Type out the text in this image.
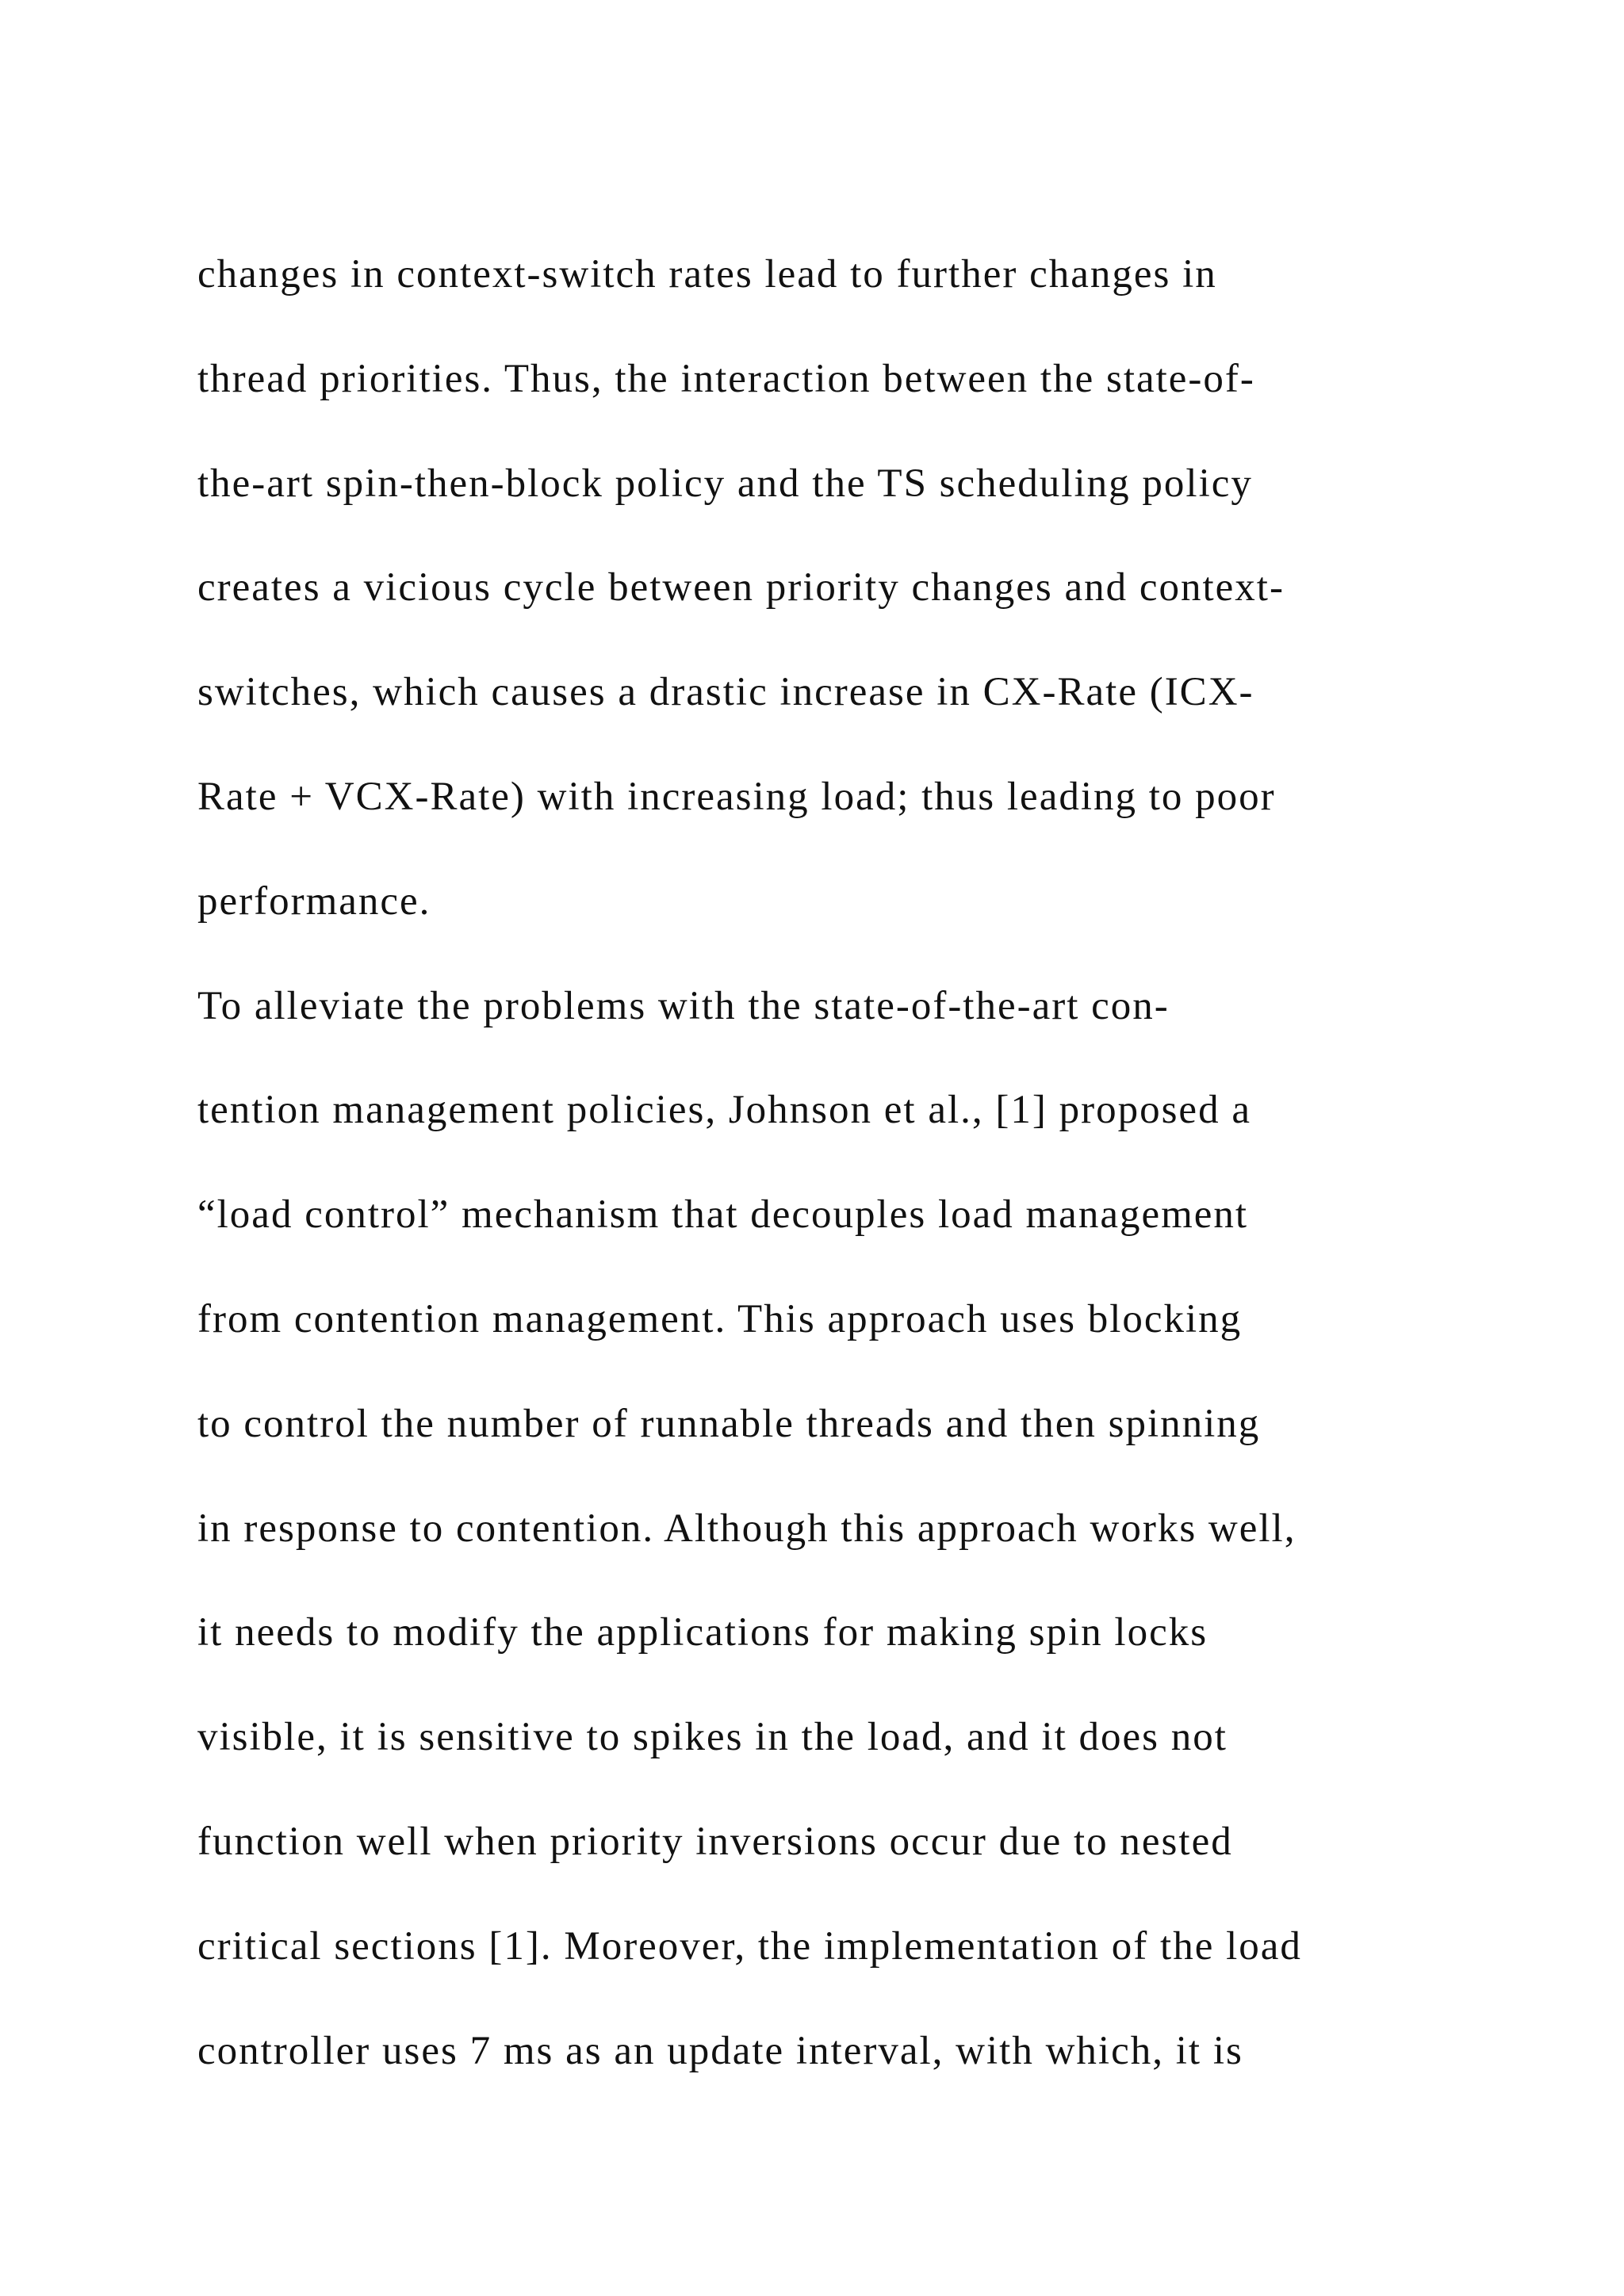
changes in context-switch rates lead to further changes in
thread priorities. Thus, the interaction between the state-of-
the-art spin-then-block policy and the TS scheduling policy
creates a vicious cycle between priority changes and context-
switches, which causes a drastic increase in CX-Rate (ICX-
Rate + VCX-Rate) with increasing load; thus leading to poor
performance.
To alleviate the problems with the state-of-the-art con-
tention management policies, Johnson et al., [1] proposed a
“load control” mechanism that decouples load management
from contention management. This approach uses blocking
to control the number of runnable threads and then spinning
in response to contention. Although this approach works well,
it needs to modify the applications for making spin locks
visible, it is sensitive to spikes in the load, and it does not
function well when priority inversions occur due to nested
critical sections [1]. Moreover, the implementation of the load
controller uses 7 ms as an update interval, with which, it is
